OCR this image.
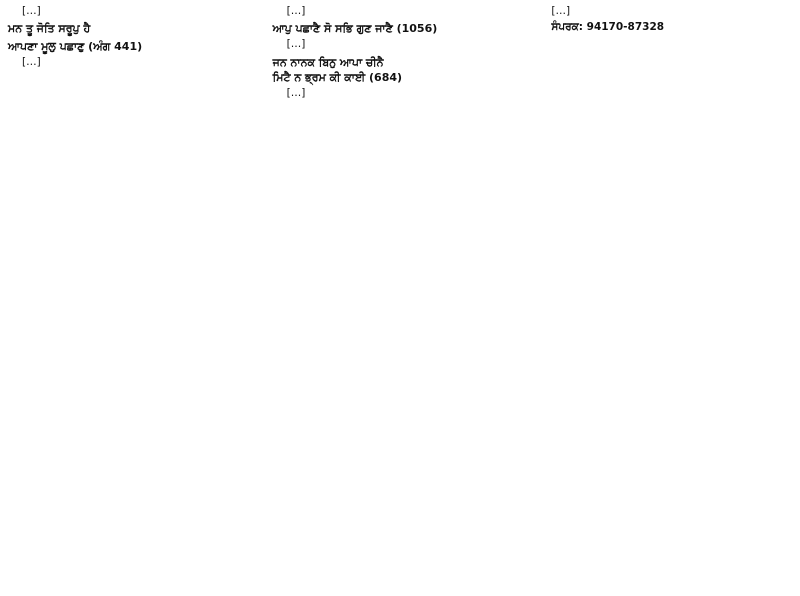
[…]

ਮਨ ਤੂ ਜੋਤਿ ਸਰੂਪੁ ਹੈ

ਆਪਣਾ ਮੂਲੁ ਪਛਾਣੁ (ਅੰਗ 441)

[…]

[…]

ਆਪੁ ਪਛਾਣੈ ਸੋ ਸਭਿ ਗੁਣ ਜਾਣੈ (1056)

[…]

ਜਨ ਨਾਨਕ ਬਿਨੁ ਆਪਾ ਚੀਨੈ
ਮਿਟੈ ਨ ਭ੍ਰਮ ਕੀ ਕਾਈ (684)

[…]

[…]

ਸੰਪਰਕ: 94170-87328
